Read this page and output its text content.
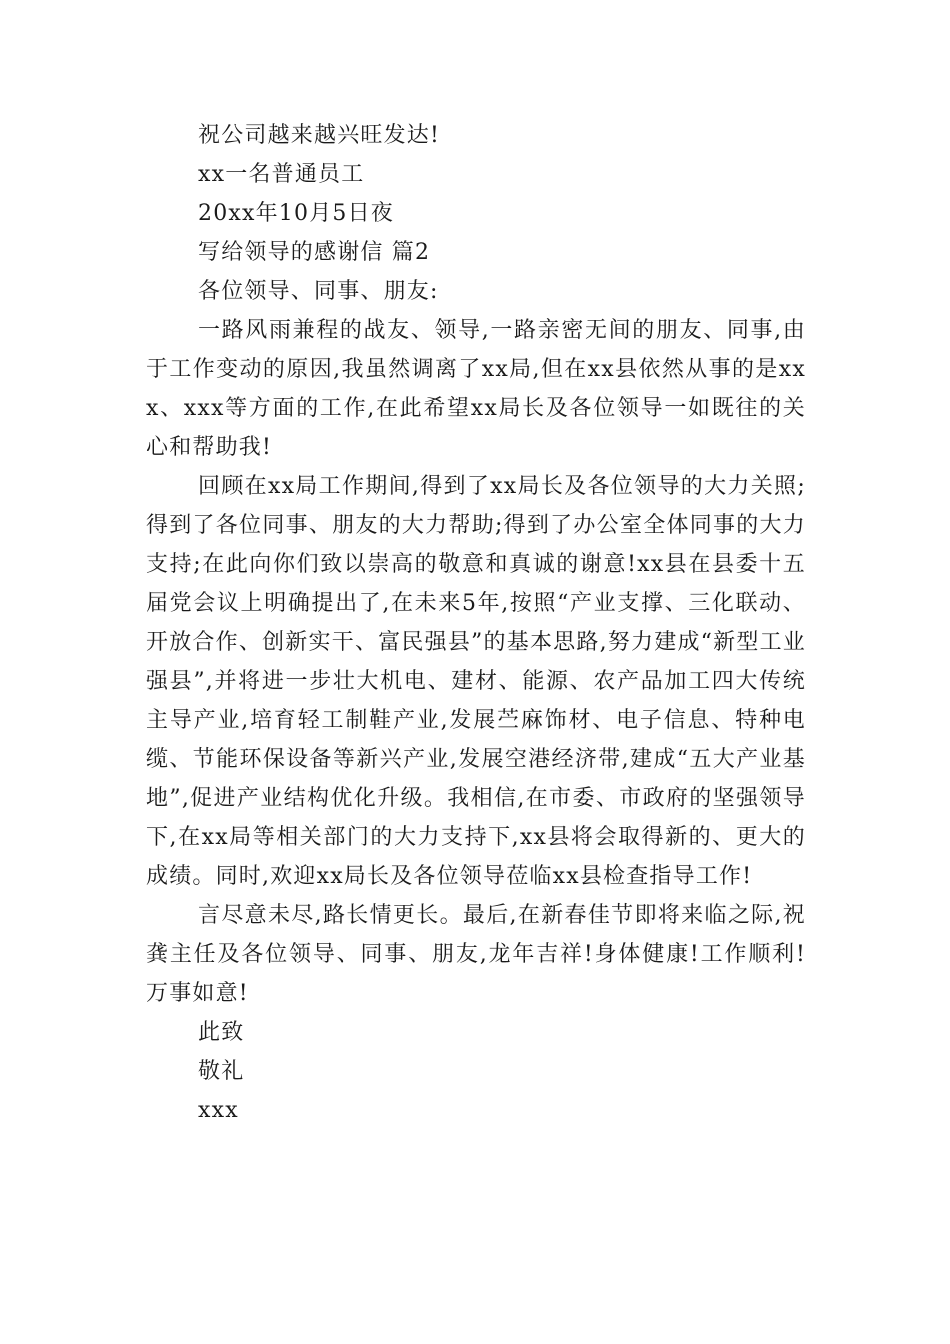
祝公司越来越兴旺发达!

xx一名普通员工

20xx年10月5日夜

写给领导的感谢信 篇2

各位领导、同事、朋友:

一路风雨兼程的战友、领导,一路亲密无间的朋友、同事,由于工作变动的原因,我虽然调离了xx局,但在xx县依然从事的是xxx、xxx等方面的工作,在此希望xx局长及各位领导一如既往的关心和帮助我!

回顾在xx局工作期间,得到了xx局长及各位领导的大力关照;得到了各位同事、朋友的大力帮助;得到了办公室全体同事的大力支持;在此向你们致以崇高的敬意和真诚的谢意!xx县在县委十五届党会议上明确提出了,在未来5年,按照“产业支撑、三化联动、开放合作、创新实干、富民强县”的基本思路,努力建成“新型工业强县”,并将进一步壮大机电、建材、能源、农产品加工四大传统主导产业,培育轻工制鞋产业,发展苎麻饰材、电子信息、特种电缆、节能环保设备等新兴产业,发展空港经济带,建成“五大产业基地”,促进产业结构优化升级。我相信,在市委、市政府的坚强领导下,在xx局等相关部门的大力支持下,xx县将会取得新的、更大的成绩。同时,欢迎xx局长及各位领导莅临xx县检查指导工作!

言尽意未尽,路长情更长。最后,在新春佳节即将来临之际,祝龚主任及各位领导、同事、朋友,龙年吉祥!身体健康!工作顺利!万事如意!

此致

敬礼

xxx
